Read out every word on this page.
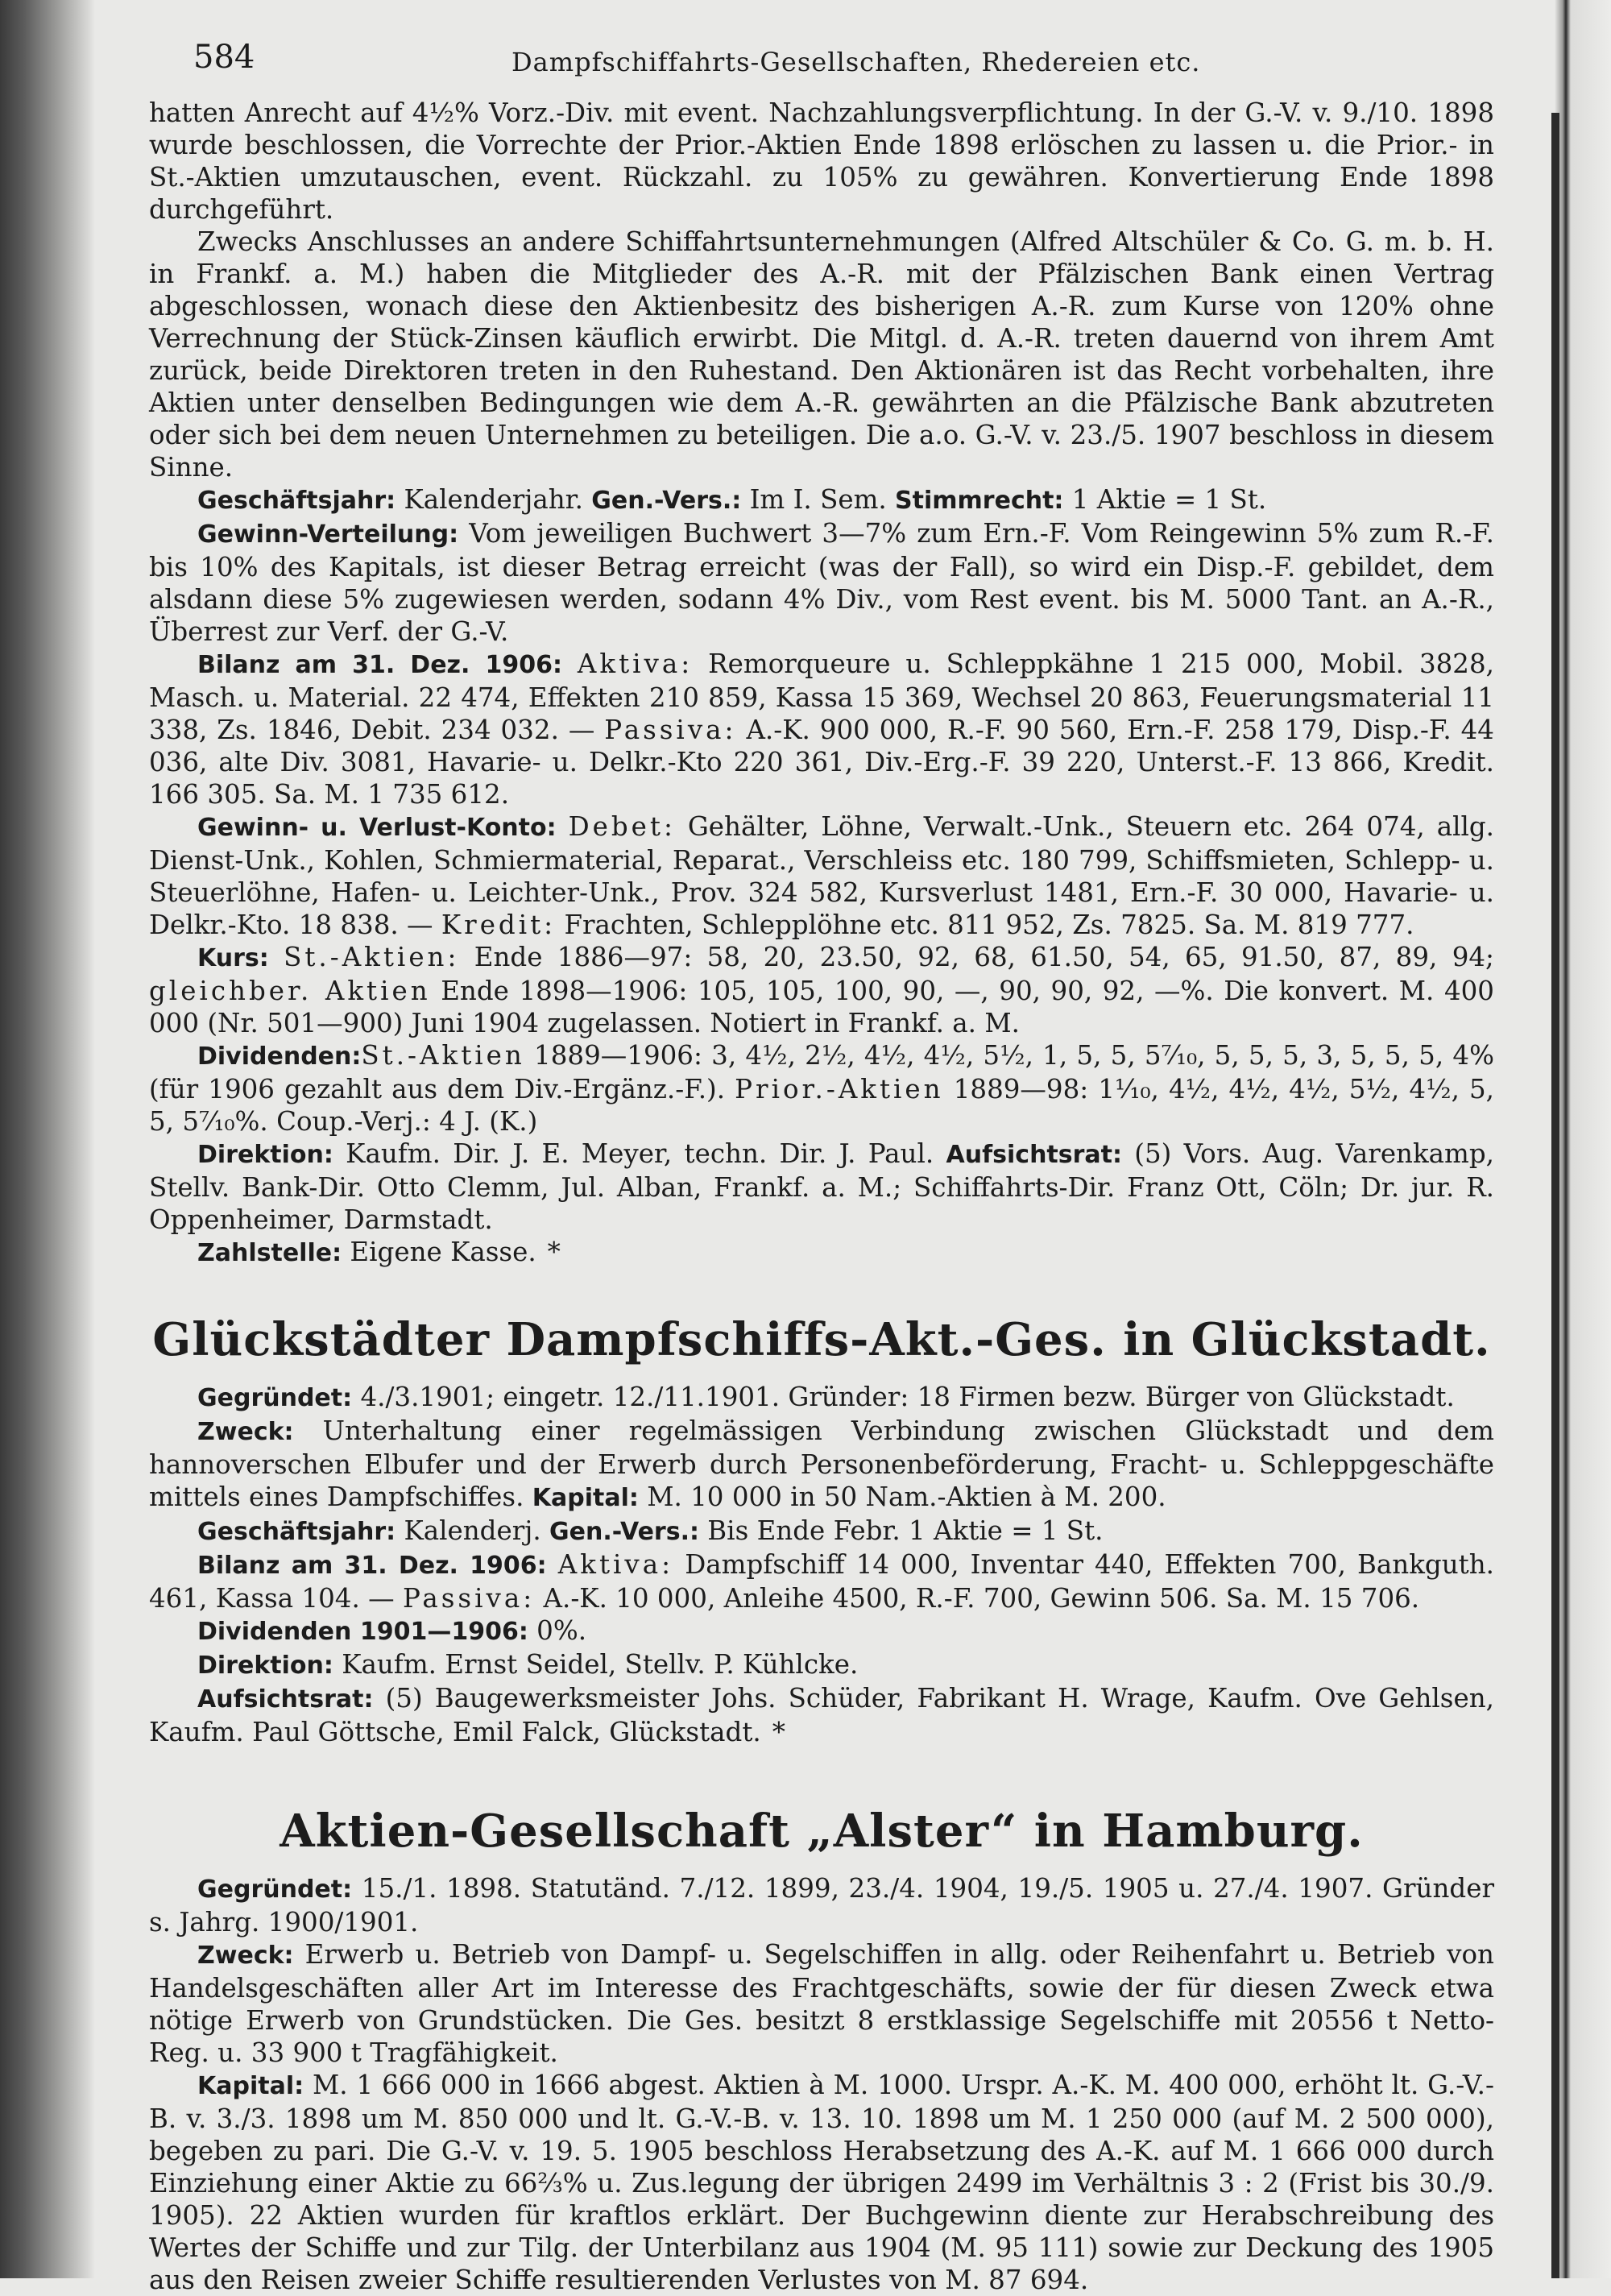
584	Dampfschiffahrts-Gesellschaften, Rhedereien etc.

hatten Anrecht auf 4½% Vorz.-Div. mit event. Nachzahlungsverpflichtung. In der G.-V. v. 9./10. 1898 wurde beschlossen, die Vorrechte der Prior.-Aktien Ende 1898 erlöschen zu lassen u. die Prior.- in St.-Aktien umzutauschen, event. Rückzahl. zu 105% zu gewähren. Konvertierung Ende 1898 durchgeführt.

Zwecks Anschlusses an andere Schiffahrtsunternehmungen (Alfred Altschüler & Co. G. m. b. H. in Frankf. a. M.) haben die Mitglieder des A.-R. mit der Pfälzischen Bank einen Vertrag abgeschlossen, wonach diese den Aktienbesitz des bisherigen A.-R. zum Kurse von 120% ohne Verrechnung der Stück-Zinsen käuflich erwirbt. Die Mitgl. d. A.-R. treten dauernd von ihrem Amt zurück, beide Direktoren treten in den Ruhestand. Den Aktionären ist das Recht vorbehalten, ihre Aktien unter denselben Bedingungen wie dem A.-R. gewährten an die Pfälzische Bank abzutreten oder sich bei dem neuen Unternehmen zu beteiligen. Die a.o. G.-V. v. 23./5. 1907 beschloss in diesem Sinne.

Geschäftsjahr: Kalenderjahr. Gen.-Vers.: Im I. Sem. Stimmrecht: 1 Aktie = 1 St.

Gewinn-Verteilung: Vom jeweiligen Buchwert 3—7% zum Ern.-F. Vom Reingewinn 5% zum R.-F. bis 10% des Kapitals, ist dieser Betrag erreicht (was der Fall), so wird ein Disp.-F. gebildet, dem alsdann diese 5% zugewiesen werden, sodann 4% Div., vom Rest event. bis M. 5000 Tant. an A.-R., Überrest zur Verf. der G.-V.

Bilanz am 31. Dez. 1906: Aktiva: Remorqueure u. Schleppkähne 1 215 000, Mobil. 3828, Masch. u. Material. 22 474, Effekten 210 859, Kassa 15 369, Wechsel 20 863, Feuerungsmaterial 11 338, Zs. 1846, Debit. 234 032. — Passiva: A.-K. 900 000, R.-F. 90 560, Ern.-F. 258 179, Disp.-F. 44 036, alte Div. 3081, Havarie- u. Delkr.-Kto 220 361, Div.-Erg.-F. 39 220, Unterst.-F. 13 866, Kredit. 166 305. Sa. M. 1 735 612.

Gewinn- u. Verlust-Konto: Debet: Gehälter, Löhne, Verwalt.-Unk., Steuern etc. 264 074, allg. Dienst-Unk., Kohlen, Schmiermaterial, Reparat., Verschleiss etc. 180 799, Schiffsmieten, Schlepp- u. Steuerlöhne, Hafen- u. Leichter-Unk., Prov. 324 582, Kursverlust 1481, Ern.-F. 30 000, Havarie- u. Delkr.-Kto. 18 838. — Kredit: Frachten, Schlepplöhne etc. 811 952, Zs. 7825. Sa. M. 819 777.

Kurs: St.-Aktien: Ende 1886—97: 58, 20, 23.50, 92, 68, 61.50, 54, 65, 91.50, 87, 89, 94; gleichber. Aktien Ende 1898—1906: 105, 105, 100, 90, —, 90, 90, 92, —%. Die konvert. M. 400 000 (Nr. 501—900) Juni 1904 zugelassen. Notiert in Frankf. a. M.

Dividenden:St.-Aktien 1889—1906: 3, 4½, 2½, 4½, 4½, 5½, 1, 5, 5, 5⁷⁄₁₀, 5, 5, 5, 3, 5, 5, 5, 4% (für 1906 gezahlt aus dem Div.-Ergänz.-F.). Prior.-Aktien 1889—98: 1¹⁄₁₀, 4½, 4½, 4½, 5½, 4½, 5, 5, 5⁷⁄₁₀%. Coup.-Verj.: 4 J. (K.)

Direktion: Kaufm. Dir. J. E. Meyer, techn. Dir. J. Paul. Aufsichtsrat: (5) Vors. Aug. Varenkamp, Stellv. Bank-Dir. Otto Clemm, Jul. Alban, Frankf. a. M.; Schiffahrts-Dir. Franz Ott, Cöln; Dr. jur. R. Oppenheimer, Darmstadt.

Zahlstelle: Eigene Kasse. *

Glückstädter Dampfschiffs-Akt.-Ges. in Glückstadt.

Gegründet: 4./3.1901; eingetr. 12./11.1901. Gründer: 18 Firmen bezw. Bürger von Glückstadt.

Zweck: Unterhaltung einer regelmässigen Verbindung zwischen Glückstadt und dem hannoverschen Elbufer und der Erwerb durch Personenbeförderung, Fracht- u. Schleppgeschäfte mittels eines Dampfschiffes. Kapital: M. 10 000 in 50 Nam.-Aktien à M. 200.

Geschäftsjahr: Kalenderj. Gen.-Vers.: Bis Ende Febr. 1 Aktie = 1 St.

Bilanz am 31. Dez. 1906: Aktiva: Dampfschiff 14 000, Inventar 440, Effekten 700, Bankguth. 461, Kassa 104. — Passiva: A.-K. 10 000, Anleihe 4500, R.-F. 700, Gewinn 506. Sa. M. 15 706.

Dividenden 1901—1906: 0%.

Direktion: Kaufm. Ernst Seidel, Stellv. P. Kühlcke.

Aufsichtsrat: (5) Baugewerksmeister Johs. Schüder, Fabrikant H. Wrage, Kaufm. Ove Gehlsen, Kaufm. Paul Göttsche, Emil Falck, Glückstadt. *

Aktien-Gesellschaft „Alster“ in Hamburg.

Gegründet: 15./1. 1898. Statutänd. 7./12. 1899, 23./4. 1904, 19./5. 1905 u. 27./4. 1907. Gründer s. Jahrg. 1900/1901.

Zweck: Erwerb u. Betrieb von Dampf- u. Segelschiffen in allg. oder Reihenfahrt u. Betrieb von Handelsgeschäften aller Art im Interesse des Frachtgeschäfts, sowie der für diesen Zweck etwa nötige Erwerb von Grundstücken. Die Ges. besitzt 8 erstklassige Segelschiffe mit 20556 t Netto-Reg. u. 33 900 t Tragfähigkeit.

Kapital: M. 1 666 000 in 1666 abgest. Aktien à M. 1000. Urspr. A.-K. M. 400 000, erhöht lt. G.-V.-B. v. 3./3. 1898 um M. 850 000 und lt. G.-V.-B. v. 13. 10. 1898 um M. 1 250 000 (auf M. 2 500 000), begeben zu pari. Die G.-V. v. 19. 5. 1905 beschloss Herabsetzung des A.-K. auf M. 1 666 000 durch Einziehung einer Aktie zu 66⅔% u. Zus.legung der übrigen 2499 im Verhältnis 3 : 2 (Frist bis 30./9. 1905). 22 Aktien wurden für kraftlos erklärt. Der Buchgewinn diente zur Herabschreibung des Wertes der Schiffe und zur Tilg. der Unterbilanz aus 1904 (M. 95 111) sowie zur Deckung des 1905 aus den Reisen zweier Schiffe resultierenden Verlustes von M. 87 694.
